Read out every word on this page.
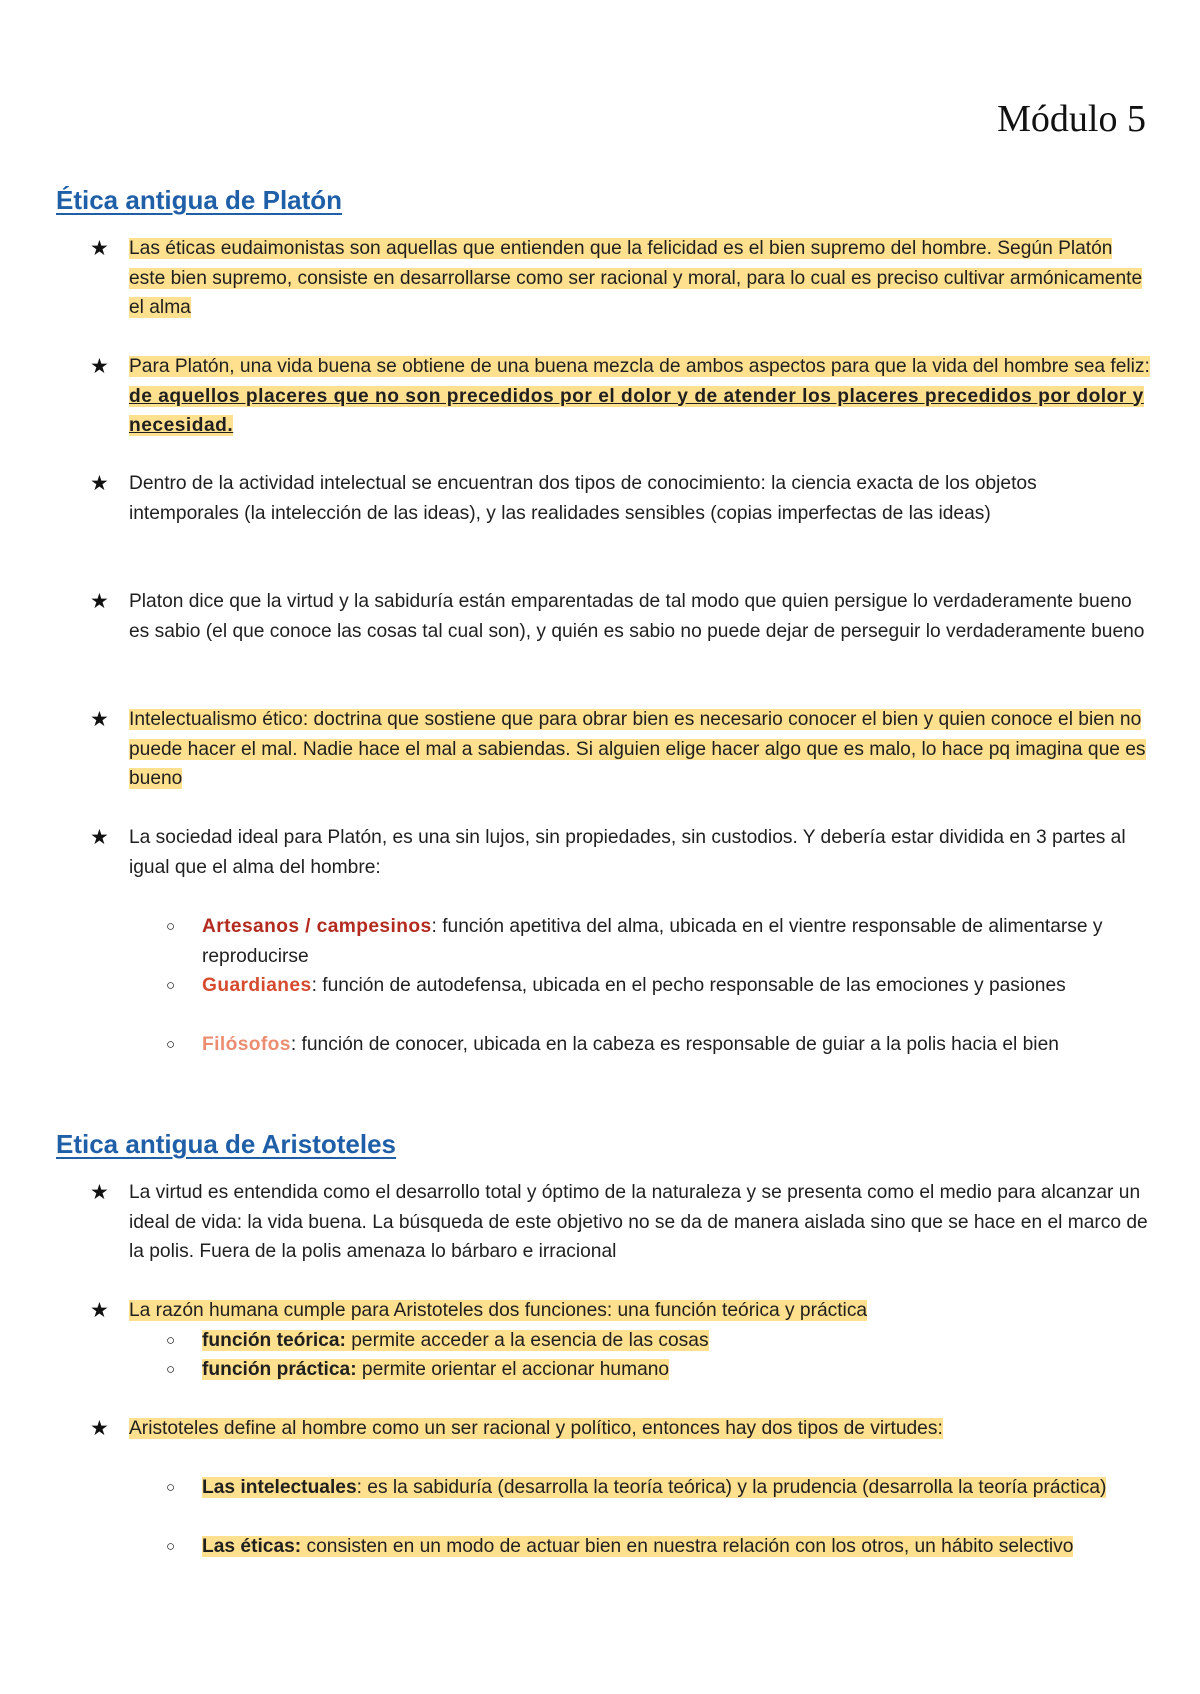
Módulo 5
Ética antigua de Platón
★ Las éticas eudaimonistas son aquellas que entienden que la felicidad es el bien supremo del hombre. Según Platón este bien supremo, consiste en desarrollarse como ser racional y moral, para lo cual es preciso cultivar armónicamente el alma
★ Para Platón, una vida buena se obtiene de una buena mezcla de ambos aspectos para que la vida del hombre sea feliz: de aquellos placeres que no son precedidos por el dolor y de atender los placeres precedidos por dolor y necesidad.
★ Dentro de la actividad intelectual se encuentran dos tipos de conocimiento: la ciencia exacta de los objetos intemporales (la intelección de las ideas), y las realidades sensibles (copias imperfectas de las ideas)
★ Platon dice que la virtud y la sabiduría están emparentadas de tal modo que quien persigue lo verdaderamente bueno es sabio (el que conoce las cosas tal cual son), y quién es sabio no puede dejar de perseguir lo verdaderamente bueno
★ Intelectualismo ético: doctrina que sostiene que para obrar bien es necesario conocer el bien y quien conoce el bien no puede hacer el mal. Nadie hace el mal a sabiendas. Si alguien elige hacer algo que es malo, lo hace pq imagina que es bueno
★ La sociedad ideal para Platón, es una sin lujos, sin propiedades, sin custodios. Y debería estar dividida en 3 partes al igual que el alma del hombre:
○ Artesanos / campesinos: función apetitiva del alma, ubicada en el vientre responsable de alimentarse y reproducirse
○ Guardianes: función de autodefensa, ubicada en el pecho responsable de las emociones y pasiones
○ Filósofos: función de conocer, ubicada en la cabeza es responsable de guiar a la polis hacia el bien
Etica antigua de Aristoteles
★ La virtud es entendida como el desarrollo total y óptimo de la naturaleza y se presenta como el medio para alcanzar un ideal de vida: la vida buena. La búsqueda de este objetivo no se da de manera aislada sino que se hace en el marco de la polis. Fuera de la polis amenaza lo bárbaro e irracional
★ La razón humana cumple para Aristoteles dos funciones: una función teórica y práctica
○ función teórica: permite acceder a la esencia de las cosas
○ función práctica: permite orientar el accionar humano
★ Aristoteles define al hombre como un ser racional y político, entonces hay dos tipos de virtudes:
○ Las intelectuales: es la sabiduría (desarrolla la teoría teórica) y la prudencia (desarrolla la teoría práctica)
○ Las éticas: consisten en un modo de actuar bien en nuestra relación con los otros, un hábito selectivo
